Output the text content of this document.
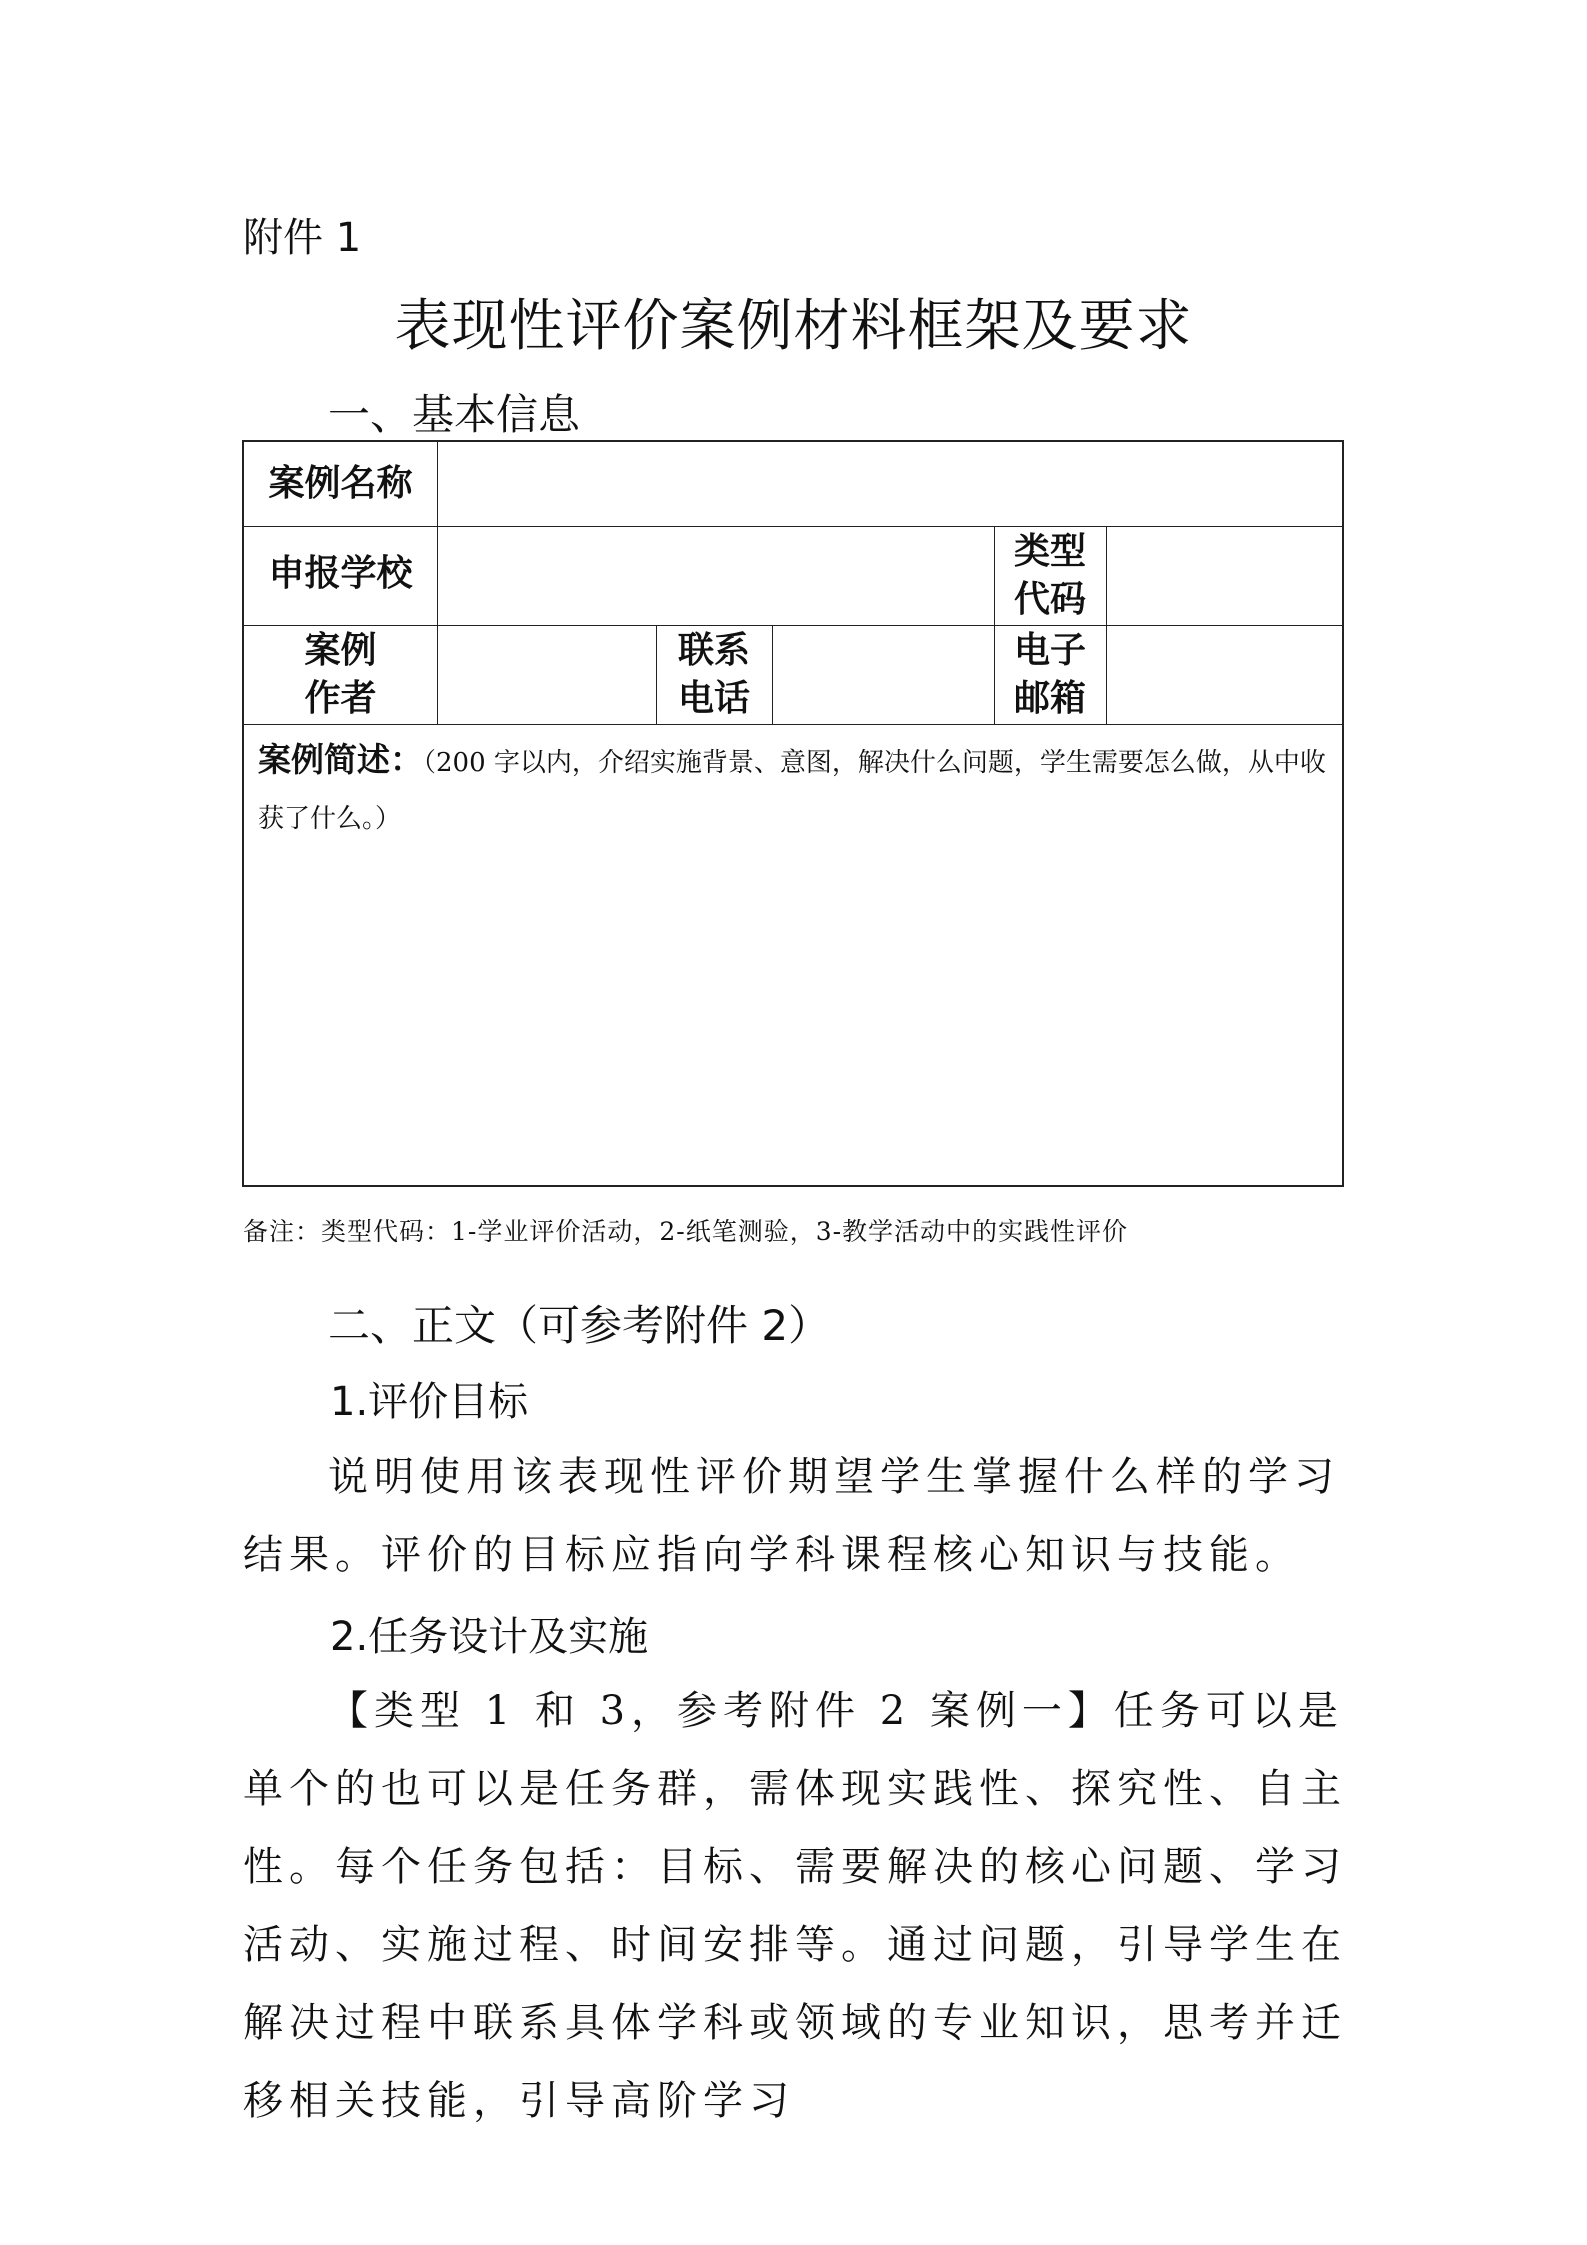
附件 1
表现性评价案例材料框架及要求
一、基本信息
案例名称
申报学校
类型
代码
案例
作者
联系
电话
电子
邮箱
案例简述：（200 字以内，介绍实施背景、意图，解决什么问题，学生需要怎么做，从中收获了什么。）
备注：类型代码：1-学业评价活动，2-纸笔测验，3-教学活动中的实践性评价
二、正文（可参考附件 2）
1.评价目标
说明使用该表现性评价期望学生掌握什么样的学习结果。评价的目标应指向学科课程核心知识与技能。
2.任务设计及实施
【类型 1 和 3，参考附件 2 案例一】任务可以是单个的也可以是任务群，需体现实践性、探究性、自主性。每个任务包括：目标、需要解决的核心问题、学习活动、实施过程、时间安排等。通过问题，引导学生在解决过程中联系具体学科或领域的专业知识，思考并迁移相关技能，引导高阶学习
